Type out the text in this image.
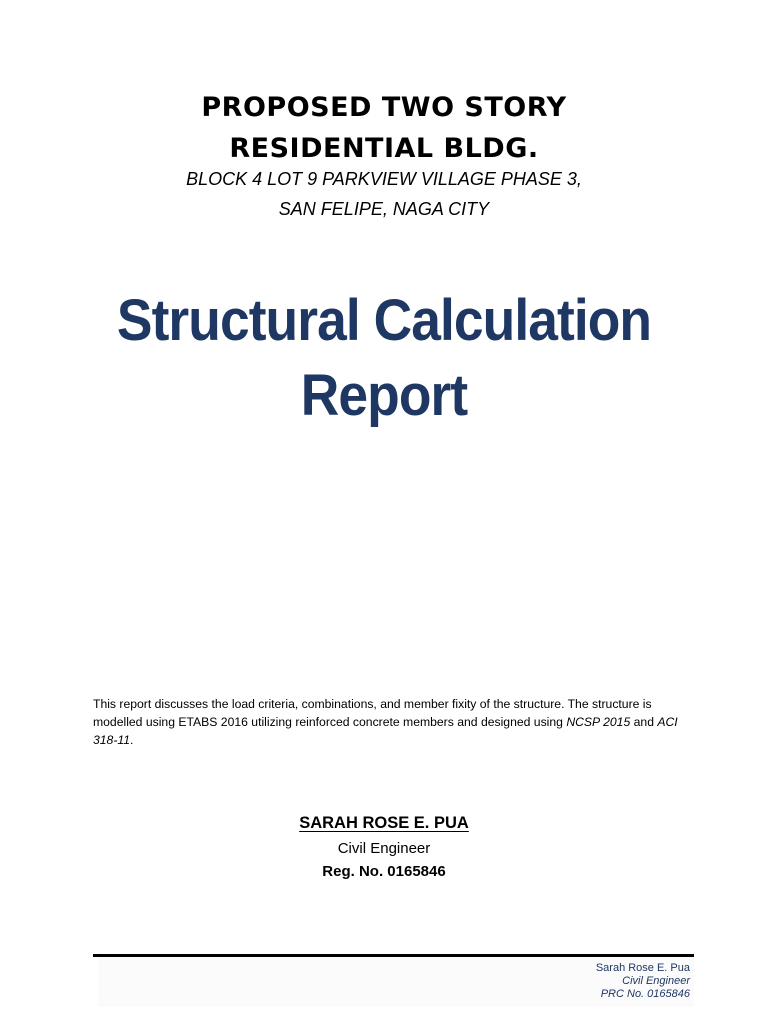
PROPOSED TWO STORY
RESIDENTIAL BLDG.
BLOCK 4 LOT 9 PARKVIEW VILLAGE PHASE 3,
SAN FELIPE, NAGA CITY
Structural Calculation
Report
This report discusses the load criteria, combinations, and member fixity of the structure. The structure is modelled using ETABS 2016 utilizing reinforced concrete members and designed using NCSP 2015 and ACI 318-11.
SARAH ROSE E. PUA
Civil Engineer
Reg. No. 0165846
Sarah Rose E. Pua
Civil Engineer
PRC No. 0165846
